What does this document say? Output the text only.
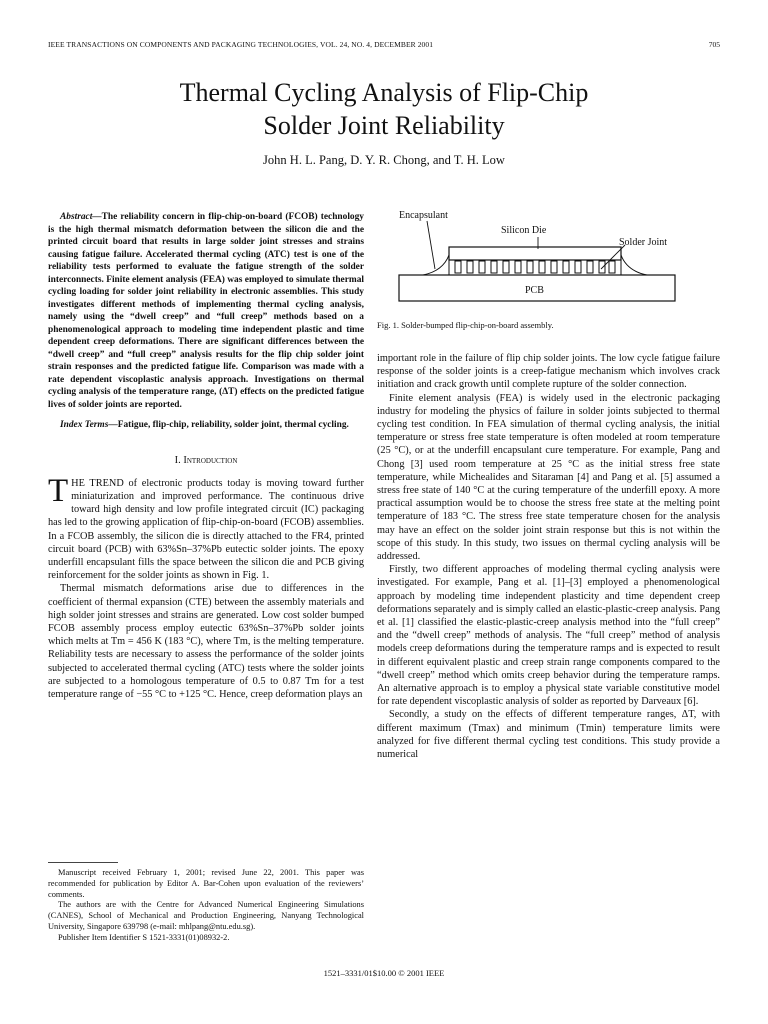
IEEE TRANSACTIONS ON COMPONENTS AND PACKAGING TECHNOLOGIES, VOL. 24, NO. 4, DECEMBER 2001	705
Thermal Cycling Analysis of Flip-Chip
Solder Joint Reliability
John H. L. Pang, D. Y. R. Chong, and T. H. Low

Abstract—The reliability concern in flip-chip-on-board (FCOB) technology is the high thermal mismatch deformation between the silicon die and the printed circuit board that results in large solder joint stresses and strains causing fatigue failure. Accelerated thermal cycling (ATC) test is one of the reliability tests performed to evaluate the fatigue strength of the solder interconnects. Finite element analysis (FEA) was employed to simulate thermal cycling loading for solder joint reliability in electronic assemblies. This study investigates different methods of implementing thermal cycling analysis, namely using the “dwell creep” and “full creep” methods based on a phenomenological approach to modeling time independent plastic and time dependent creep deformations. There are significant differences between the “dwell creep” and “full creep” analysis results for the flip chip solder joint strain responses and the predicted fatigue life. Comparison was made with a rate dependent viscoplastic analysis approach. Investigations on thermal cycling analysis of the temperature range, (ΔT) effects on the predicted fatigue lives of solder joints are reported.

Index Terms—Fatigue, flip-chip, reliability, solder joint, thermal cycling.

I. Introduction

THE TREND of electronic products today is moving toward further miniaturization and improved performance. The continuous drive toward high density and low profile integrated circuit (IC) packaging has led to the growing application of flip-chip-on-board (FCOB) assemblies. In a FCOB assembly, the silicon die is directly attached to the FR4, printed circuit board (PCB) with 63%Sn–37%Pb eutectic solder joints. The epoxy underfill encapsulant fills the space between the silicon die and PCB giving reinforcement for the solder joints as shown in Fig. 1.

Thermal mismatch deformations arise due to differences in the coefficient of thermal expansion (CTE) between the assembly materials and high solder joint stresses and strains are generated. Low cost solder bumped FCOB assembly process employ eutectic 63%Sn–37%Pb solder joints which melts at Tm = 456 K (183 °C), where Tm, is the melting temperature. Reliability tests are necessary to assess the performance of the solder joints subjected to accelerated thermal cycling (ATC) tests where the solder joints are subjected to a homologous temperature of 0.5 to 0.87 Tm for a test temperature range of −55 °C to +125 °C. Hence, creep deformation plays an

Manuscript received February 1, 2001; revised June 22, 2001. This paper was recommended for publication by Editor A. Bar-Cohen upon evaluation of the reviewers’ comments.

The authors are with the Centre for Advanced Numerical Engineering Simulations (CANES), School of Mechanical and Production Engineering, Nanyang Technological University, Singapore 639798 (e-mail: mhlpang@ntu.edu.sg).

Publisher Item Identifier S 1521-3331(01)08932-2.

Encapsulant
Silicon Die
Solder Joint
PCB
Fig. 1. Solder-bumped flip-chip-on-board assembly.

important role in the failure of flip chip solder joints. The low cycle fatigue failure response of the solder joints is a creep-fatigue mechanism which involves crack initiation and crack growth until complete rupture of the solder connection.

Finite element analysis (FEA) is widely used in the electronic packaging industry for modeling the physics of failure in solder joints subjected to thermal cycling test condition. In FEA simulation of thermal cycling analysis, the initial temperature or stress free state temperature is often modeled at room temperature (25 °C), or at the underfill encapsulant cure temperature. For example, Pang and Chong [3] used room temperature at 25 °C as the initial stress free state temperature, while Michealides and Sitaraman [4] and Pang et al. [5] assumed a stress free state of 140 °C at the curing temperature of the underfill epoxy. A more practical assumption would be to choose the stress free state at the melting point temperature of 183 °C. The stress free state temperature chosen for the analysis may have an effect on the solder joint strain response but this is not within the scope of this study. In this study, two issues on thermal cycling analysis will be addressed.

Firstly, two different approaches of modeling thermal cycling analysis were investigated. For example, Pang et al. [1]–[3] employed a phenomenological approach by modeling time independent plasticity and time dependent creep deformations separately and is simply called an elastic-plastic-creep analysis. Pang et al. [1] classified the elastic-plastic-creep analysis method into the “full creep” and the “dwell creep” methods of analysis. The “full creep” method of analysis models creep deformations during the temperature ramps and is expected to result in different equivalent plastic and creep strain range components compared to the “dwell creep” method which omits creep behavior during the temperature ramps. An alternative approach is to employ a physical state variable constitutive model for rate dependent viscoplastic analysis of solder as reported by Darveaux [6].

Secondly, a study on the effects of different temperature ranges, ΔT, with different maximum (Tmax) and minimum (Tmin) temperature limits were analyzed for five different thermal cycling test conditions. This study provide a numerical

1521–3331/01$10.00 © 2001 IEEE
